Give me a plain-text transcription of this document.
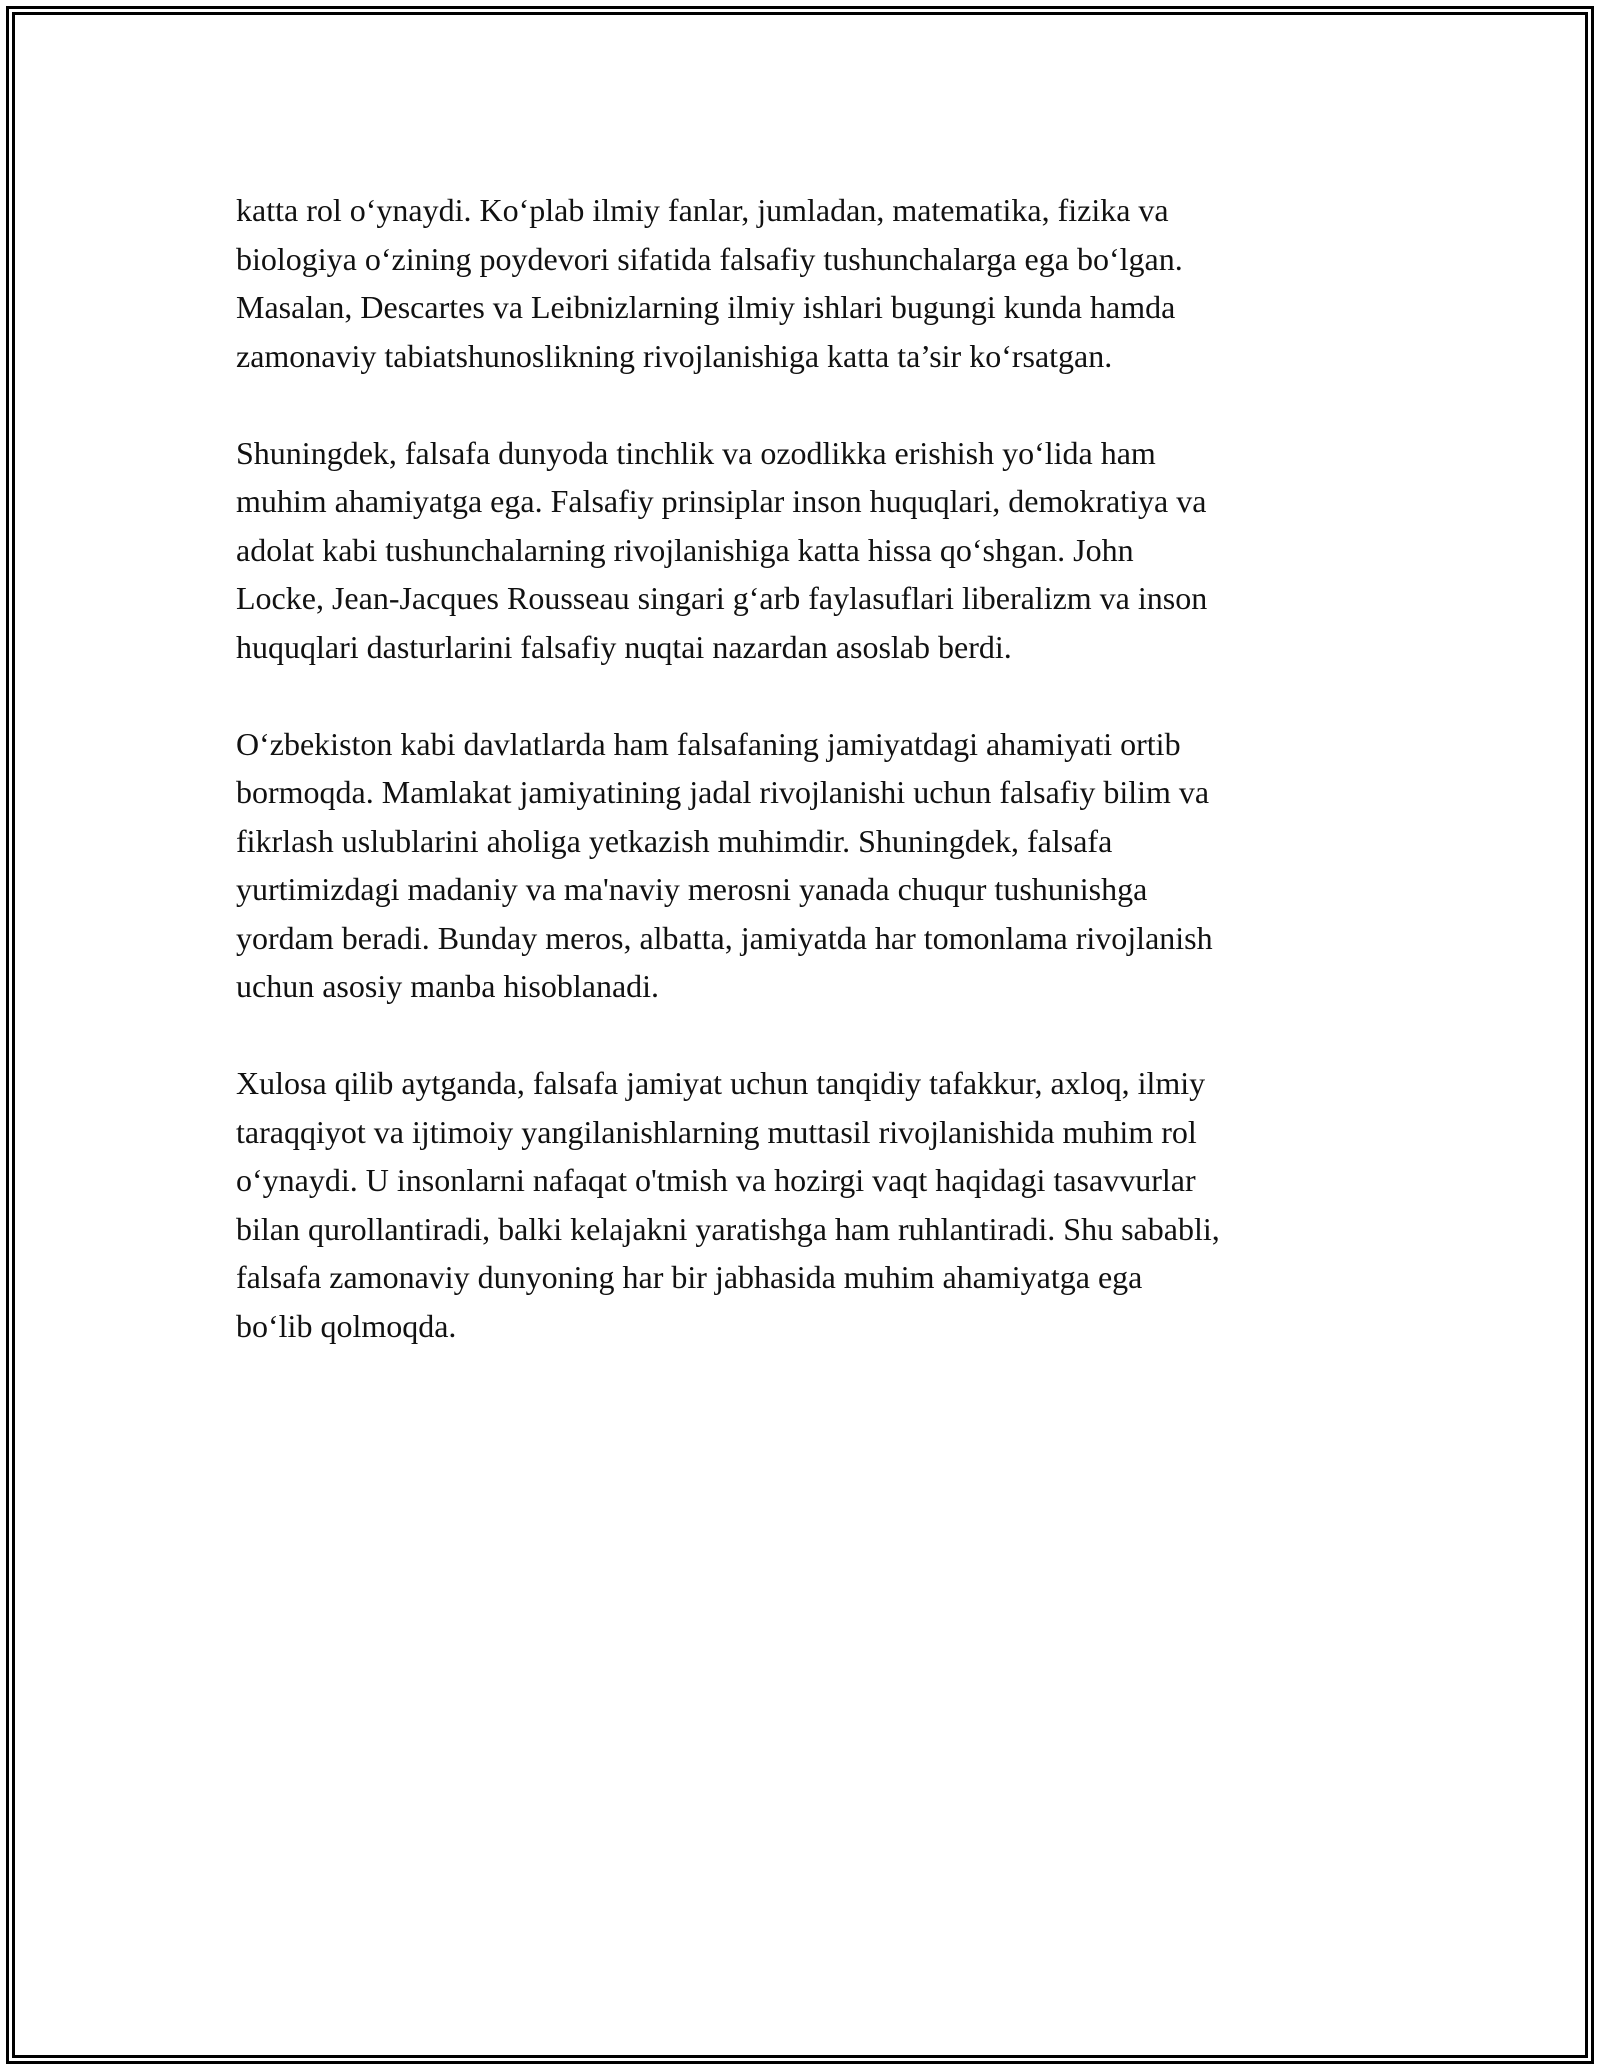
katta rol o‘ynaydi. Ko‘plab ilmiy fanlar, jumladan, matematika, fizika va
biologiya o‘zining poydevori sifatida falsafiy tushunchalarga ega bo‘lgan.
Masalan, Descartes va Leibnizlarning ilmiy ishlari bugungi kunda hamda
zamonaviy tabiatshunoslikning rivojlanishiga katta ta’sir ko‘rsatgan.
Shuningdek, falsafa dunyoda tinchlik va ozodlikka erishish yo‘lida ham
muhim ahamiyatga ega. Falsafiy prinsiplar inson huquqlari, demokratiya va
adolat kabi tushunchalarning rivojlanishiga katta hissa qo‘shgan. John
Locke, Jean-Jacques Rousseau singari g‘arb faylasuflari liberalizm va inson
huquqlari dasturlarini falsafiy nuqtai nazardan asoslab berdi.
O‘zbekiston kabi davlatlarda ham falsafaning jamiyatdagi ahamiyati ortib
bormoqda. Mamlakat jamiyatining jadal rivojlanishi uchun falsafiy bilim va
fikrlash uslublarini aholiga yetkazish muhimdir. Shuningdek, falsafa
yurtimizdagi madaniy va ma'naviy merosni yanada chuqur tushunishga
yordam beradi. Bunday meros, albatta, jamiyatda har tomonlama rivojlanish
uchun asosiy manba hisoblanadi.
Xulosa qilib aytganda, falsafa jamiyat uchun tanqidiy tafakkur, axloq, ilmiy
taraqqiyot va ijtimoiy yangilanishlarning muttasil rivojlanishida muhim rol
o‘ynaydi. U insonlarni nafaqat o'tmish va hozirgi vaqt haqidagi tasavvurlar
bilan qurollantiradi, balki kelajakni yaratishga ham ruhlantiradi. Shu sababli,
falsafa zamonaviy dunyoning har bir jabhasida muhim ahamiyatga ega
bo‘lib qolmoqda.
